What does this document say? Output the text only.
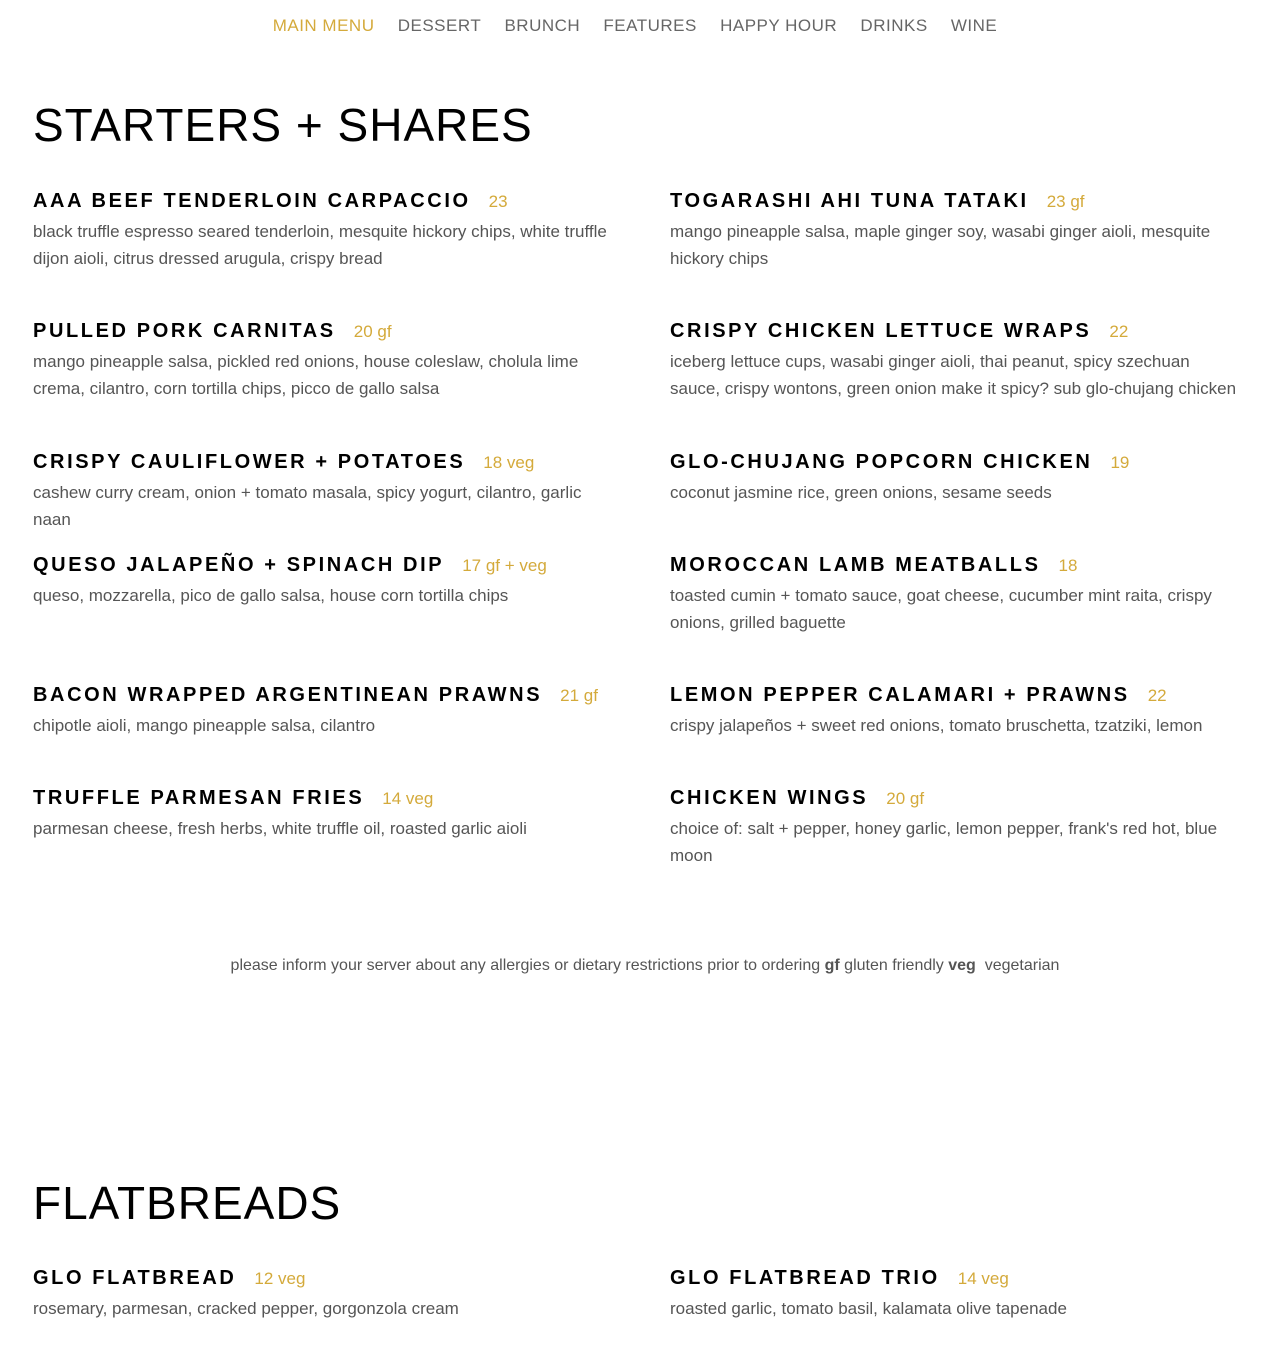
MAIN MENU DESSERT BRUNCH FEATURES HAPPY HOUR DRINKS WINE
STARTERS + SHARES
AAA BEEF TENDERLOIN CARPACCIO 23
black truffle espresso seared tenderloin, mesquite hickory chips, white truffle dijon aioli, citrus dressed arugula, crispy bread
TOGARASHI AHI TUNA TATAKI 23 gf
mango pineapple salsa, maple ginger soy, wasabi ginger aioli, mesquite hickory chips
PULLED PORK CARNITAS 20 gf
mango pineapple salsa, pickled red onions, house coleslaw, cholula lime crema, cilantro, corn tortilla chips, picco de gallo salsa
CRISPY CHICKEN LETTUCE WRAPS 22
iceberg lettuce cups, wasabi ginger aioli, thai peanut, spicy szechuan sauce, crispy wontons, green onion make it spicy? sub glo-chujang chicken
CRISPY CAULIFLOWER + POTATOES 18 veg
cashew curry cream, onion + tomato masala, spicy yogurt, cilantro, garlic naan
GLO-CHUJANG POPCORN CHICKEN 19
coconut jasmine rice, green onions, sesame seeds
QUESO JALAPEÑO + SPINACH DIP 17 gf + veg
queso, mozzarella, pico de gallo salsa, house corn tortilla chips
MOROCCAN LAMB MEATBALLS 18
toasted cumin + tomato sauce, goat cheese, cucumber mint raita, crispy onions, grilled baguette
BACON WRAPPED ARGENTINEAN PRAWNS 21 gf
chipotle aioli, mango pineapple salsa, cilantro
LEMON PEPPER CALAMARI + PRAWNS 22
crispy jalapeños + sweet red onions, tomato bruschetta, tzatziki, lemon
TRUFFLE PARMESAN FRIES 14 veg
parmesan cheese, fresh herbs, white truffle oil, roasted garlic aioli
CHICKEN WINGS 20 gf
choice of: salt + pepper, honey garlic, lemon pepper, frank's red hot, blue moon

please inform your server about any allergies or dietary restrictions prior to ordering gf gluten friendly veg vegetarian

FLATBREADS
GLO FLATBREAD 12 veg
rosemary, parmesan, cracked pepper, gorgonzola cream
GLO FLATBREAD TRIO 14 veg
roasted garlic, tomato basil, kalamata olive tapenade
